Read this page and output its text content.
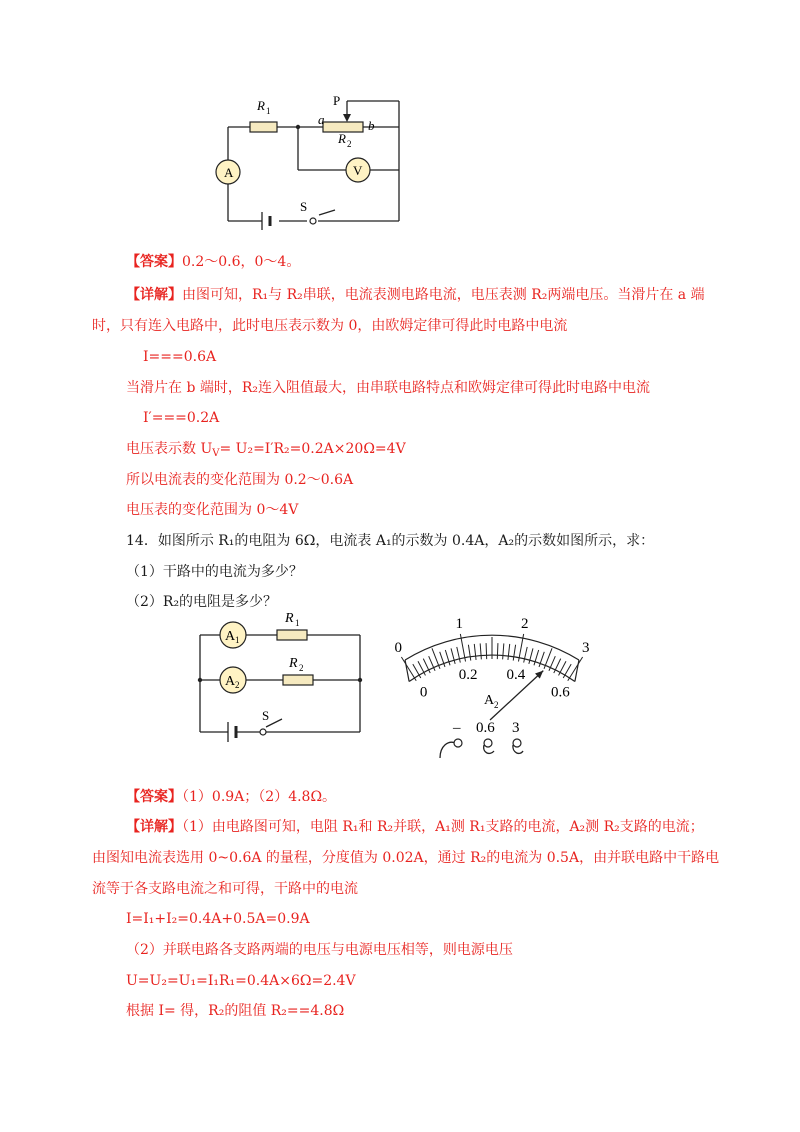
A	V
R 1
P
a	b
R 2
S
【答案】0.2～0.6，0～4。
【详解】由图可知，R₁与 R₂串联，电流表测电路电流，电压表测 R₂两端电压。当滑片在 a 端
时，只有连入电路中，此时电压表示数为 0，由欧姆定律可得此时电路中电流
I===0.6A
当滑片在 b 端时，R₂连入阻值最大，由串联电路特点和欧姆定律可得此时电路中电流
I′===0.2A
电压表示数 $U_V= U_2=I'R_2=0.2A\times 20\Omega=4V$
所以电流表的变化范围为 0.2～0.6A
电压表的变化范围为 0～4V
14．如图所示 R₁的电阻为 6Ω，电流表 A₁的示数为 0.4A，A₂的示数如图所示，求：
（1）干路中的电流为多少？
（2）R₂的电阻是多少？
A 1
A 2
R 1
R 2
S
0
1	2
3
0
0.2 0.4
0.6
A 2
– 0.6 3
【答案】（1）0.9A；（2）4.8Ω。
【详解】（1）由电路图可知，电阻 R₁和 R₂并联，A₁测 R₁支路的电流，A₂测 R₂支路的电流；
由图知电流表选用 0~0.6A 的量程，分度值为 0.02A，通过 R₂的电流为 0.5A，由并联电路中干路电
流等于各支路电流之和可得，干路中的电流
I=I₁+I₂=0.4A+0.5A=0.9A
（2）并联电路各支路两端的电压与电源电压相等，则电源电压
U=U₂=U₁=I₁R₁=0.4A×6Ω=2.4V
根据 I= 得，R₂的阻值 R₂==4.8Ω
